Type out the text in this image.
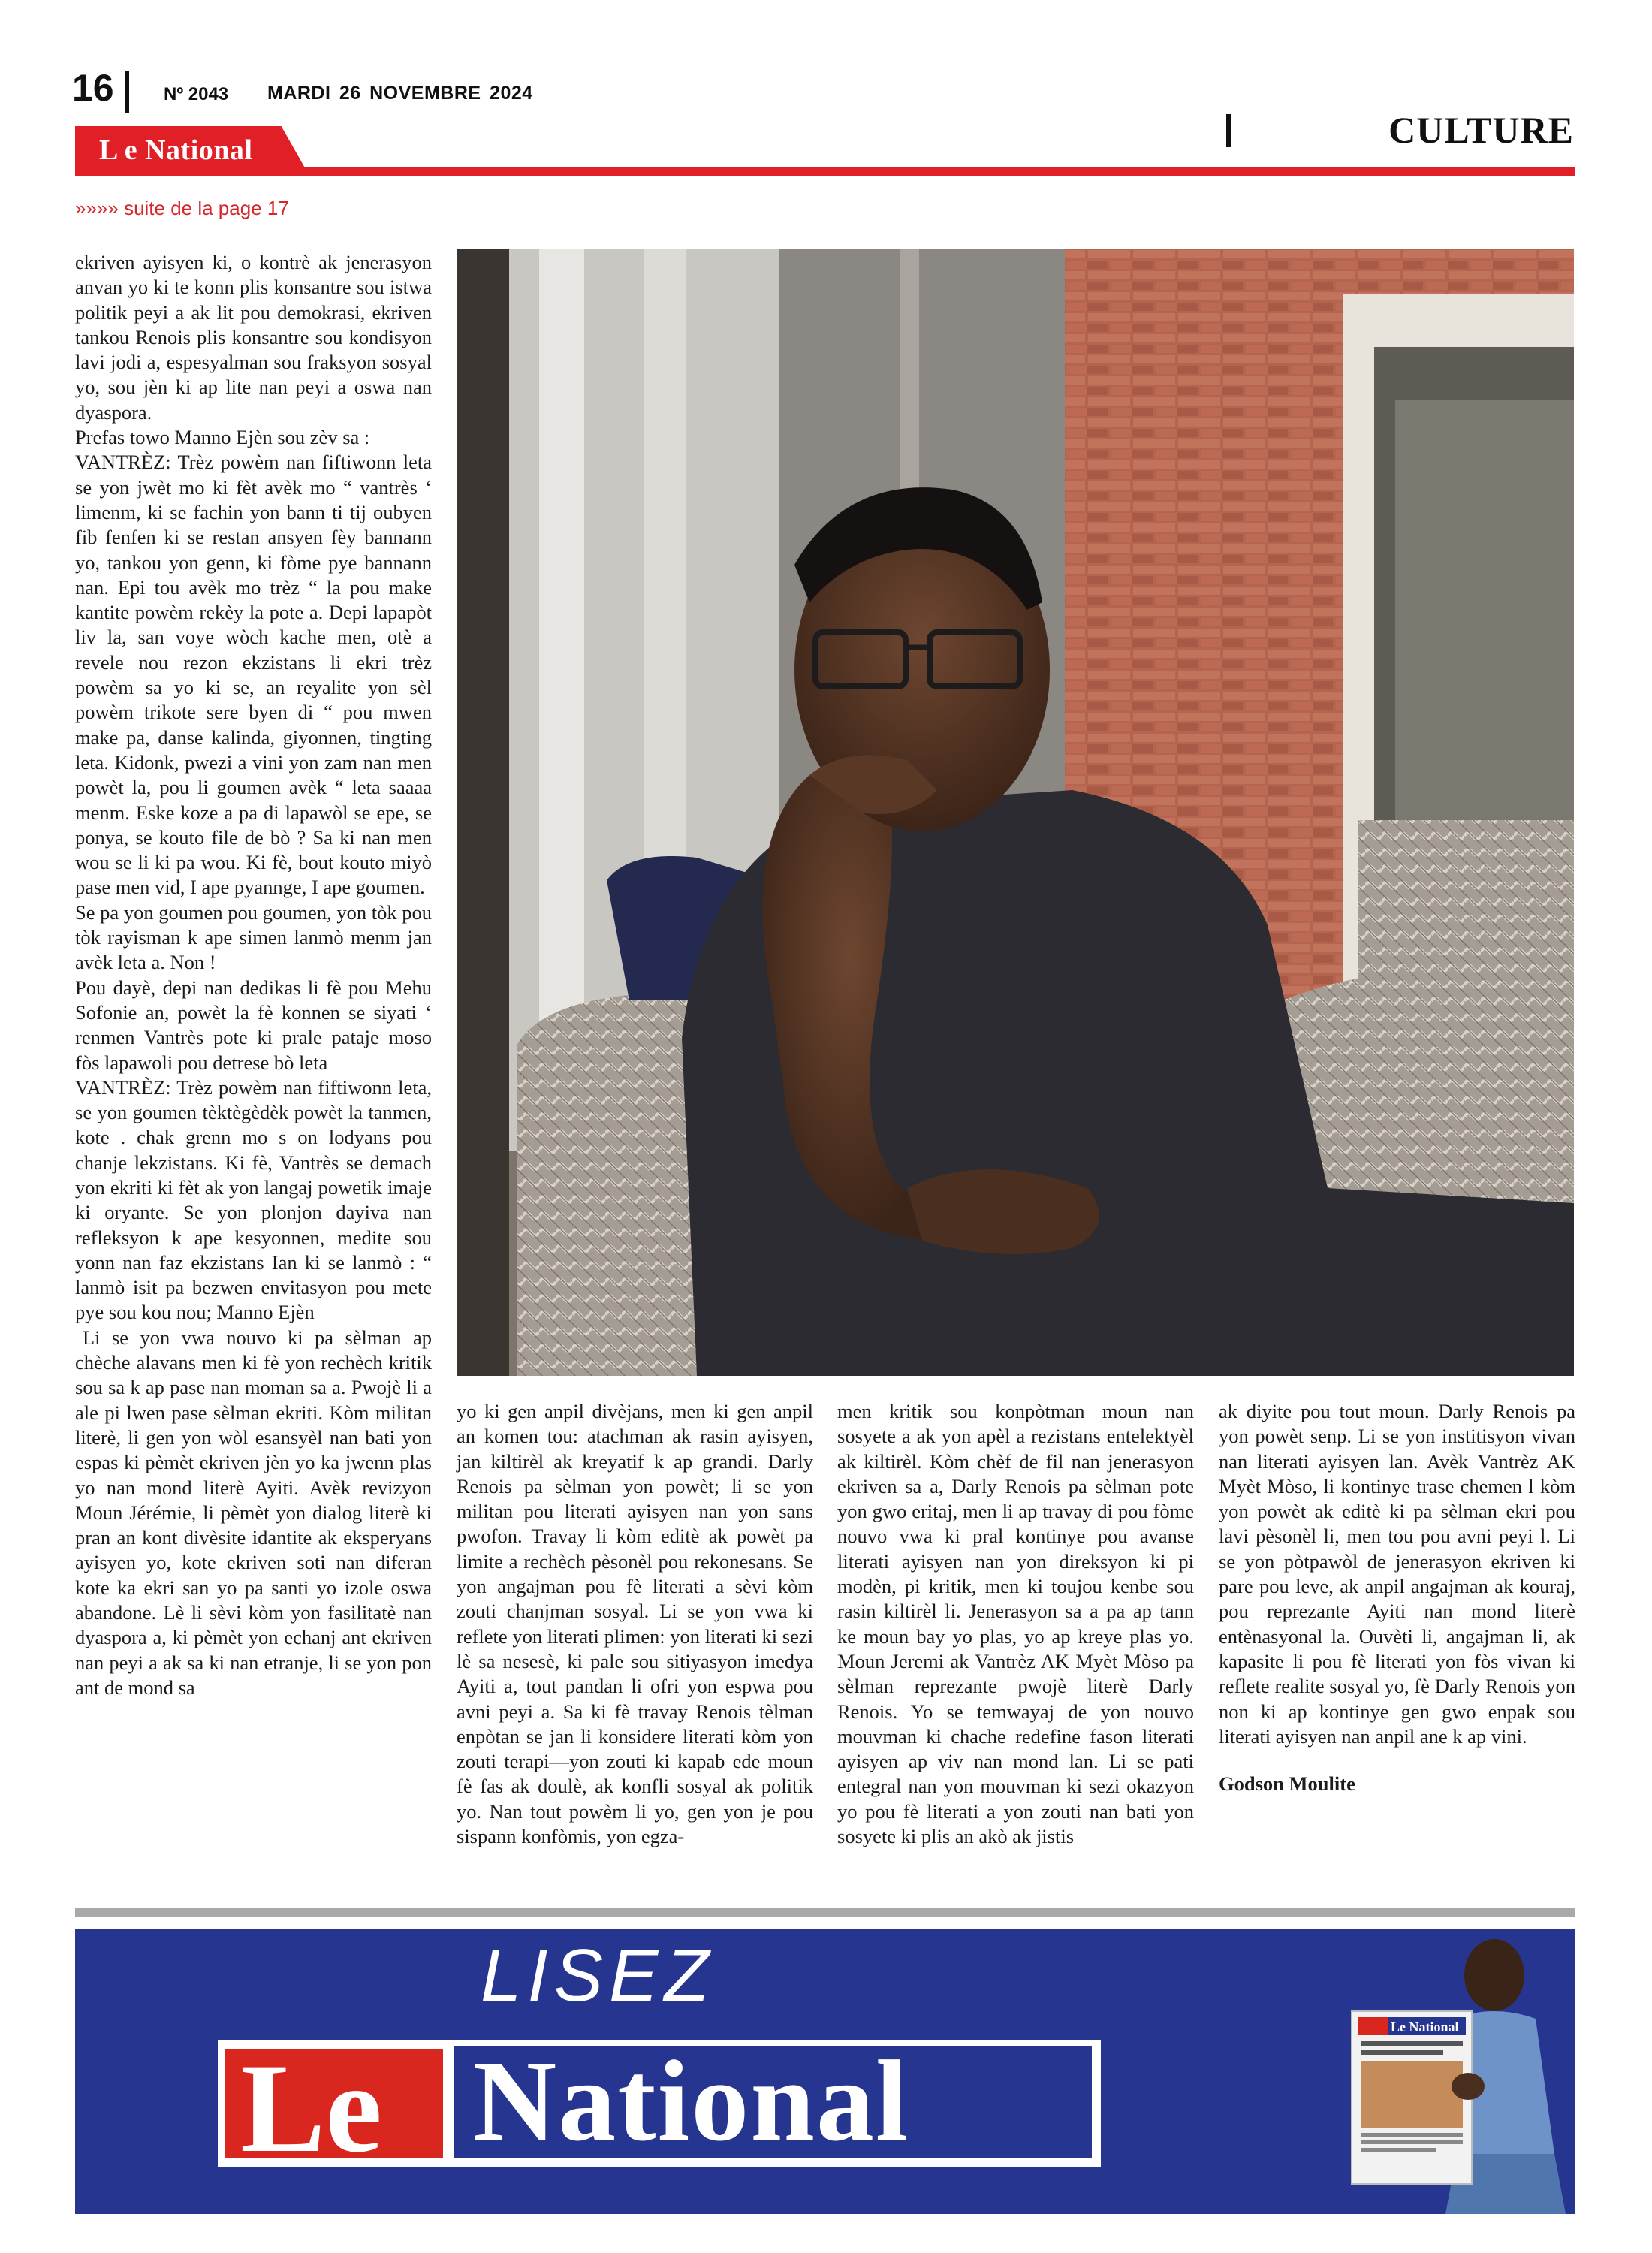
16	Nº 2043 MARDI 26 NOVEMBRE 2024
CULTURE
L e National
»»»» suite de la page 17

ekriven ayisyen ki, o kontrè ak jenerasyon anvan yo ki te konn plis konsantre sou istwa politik peyi a ak lit pou demokrasi, ekriven tankou Renois plis konsantre sou kondisyon lavi jodi a, espesyalman sou fraksyon sosyal yo, sou jèn ki ap lite nan peyi a oswa nan dyaspora.

Prefas towo Manno Ejèn sou zèv sa :

VANTRÈZ: Trèz powèm nan fiftiwonn leta se yon jwèt mo ki fèt avèk mo “ vantrès ‘ limenm, ki se fachin yon bann ti tij oubyen fib fenfen ki se restan ansyen fèy bannann yo, tankou yon genn, ki fòme pye bannann nan. Epi tou avèk mo trèz “ la pou make kantite powèm rekèy la pote a. Depi lapapòt liv la, san voye wòch kache men, otè a revele nou rezon ekzistans li ekri trèz powèm sa yo ki se, an reyalite yon sèl powèm trikote sere byen di “ pou mwen make pa, danse kalinda, giyonnen, tingting leta. Kidonk, pwezi a vini yon zam nan men powèt la, pou li goumen avèk “ leta saaaa menm. Eske koze a pa di lapawòl se epe, se ponya, se kouto file de bò ? Sa ki nan men wou se li ki pa wou. Ki fè, bout kouto miyò pase men vid, I ape pyannge, I ape goumen.

Se pa yon goumen pou goumen, yon tòk pou tòk rayisman k ape simen lanmò menm jan avèk leta a. Non !

Pou dayè, depi nan dedikas li fè pou Mehu Sofonie an, powèt la fè konnen se siyati ‘ renmen Vantrès pote ki prale pataje moso fòs lapawoli pou detrese bò leta

VANTRÈZ: Trèz powèm nan fiftiwonn leta, se yon goumen tèktègèdèk powèt la tanmen, kote . chak grenn mo s on lodyans pou chanje lekzistans. Ki fè, Vantrès se demach yon ekriti ki fèt ak yon langaj powetik imaje ki oryante. Se yon plonjon dayiva nan refleksyon k ape kesyonnen, medite sou yonn nan faz ekzistans Ian ki se lanmò : “ lanmò isit pa bezwen envitasyon pou mete pye sou kou nou; Manno Ejèn

Li se yon vwa nouvo ki pa sèlman ap chèche alavans men ki fè yon rechèch kritik sou sa k ap pase nan moman sa a. Pwojè li a ale pi lwen pase sèlman ekriti. Kòm militan literè, li gen yon wòl esansyèl nan bati yon espas ki pèmèt ekriven jèn yo ka jwenn plas yo nan mond literè Ayiti. Avèk revizyon Moun Jérémie, li pèmèt yon dialog literè ki pran an kont divèsite idantite ak eksperyans ayisyen yo, kote ekriven soti nan diferan kote ka ekri san yo pa santi yo izole oswa abandone. Lè li sèvi kòm yon fasilitatè nan dyaspora a, ki pèmèt yon echanj ant ekriven nan peyi a ak sa ki nan etranje, li se yon pon ant de mond sa

yo ki gen anpil divèjans, men ki gen anpil an komen tou: atachman ak rasin ayisyen, jan kiltirèl ak kreyatif k ap grandi. Darly Renois pa sèlman yon powèt; li se yon militan pou literati ayisyen nan yon sans pwofon. Travay li kòm editè ak powèt pa limite a rechèch pèsonèl pou rekonesans. Se yon angajman pou fè literati a sèvi kòm zouti chanjman sosyal. Li se yon vwa ki reflete yon literati plimen: yon literati ki sezi lè sa nesesè, ki pale sou sitiyasyon imedya Ayiti a, tout pandan li ofri yon espwa pou avni peyi a. Sa ki fè travay Renois tèlman enpòtan se jan li konsidere literati kòm yon zouti terapi—yon zouti ki kapab ede moun fè fas ak doulè, ak konfli sosyal ak politik yo. Nan tout powèm li yo, gen yon je pou sispann konfòmis, yon egza-

men kritik sou konpòtman moun nan sosyete a ak yon apèl a rezistans entelektyèl ak kiltirèl. Kòm chèf de fil nan jenerasyon ekriven sa a, Darly Renois pa sèlman pote yon gwo eritaj, men li ap travay di pou fòme nouvo vwa ki pral kontinye pou avanse literati ayisyen nan yon direksyon ki pi modèn, pi kritik, men ki toujou kenbe sou rasin kiltirèl li. Jenerasyon sa a pa ap tann ke moun bay yo plas, yo ap kreye plas yo. Moun Jeremi ak Vantrèz AK Myèt Mòso pa sèlman reprezante pwojè literè Darly Renois. Yo se temwayaj de yon nouvo mouvman ki chache redefine fason literati ayisyen ap viv nan mond lan. Li se pati entegral nan yon mouvman ki sezi okazyon yo pou fè literati a yon zouti nan bati yon sosyete ki plis an akò ak jistis

ak diyite pou tout moun. Darly Renois pa yon powèt senp. Li se yon institisyon vivan nan literati ayisyen lan. Avèk Vantrèz AK Myèt Mòso, li kontinye trase chemen l kòm yon powèt ak editè ki pa sèlman ekri pou lavi pèsonèl li, men tou pou avni peyi l. Li se yon pòtpawòl de jenerasyon ekriven ki pare pou leve, ak anpil angajman ak kouraj, pou reprezante Ayiti nan mond literè entènasyonal la. Ouvèti li, angajman li, ak kapasite li pou fè literati yon fòs vivan ki reflete realite sosyal yo, fè Darly Renois yon non ki ap kontinye gen gwo enpak sou literati ayisyen nan anpil ane k ap vini.

Godson Moulite

LISEZ
Le National
Le National
